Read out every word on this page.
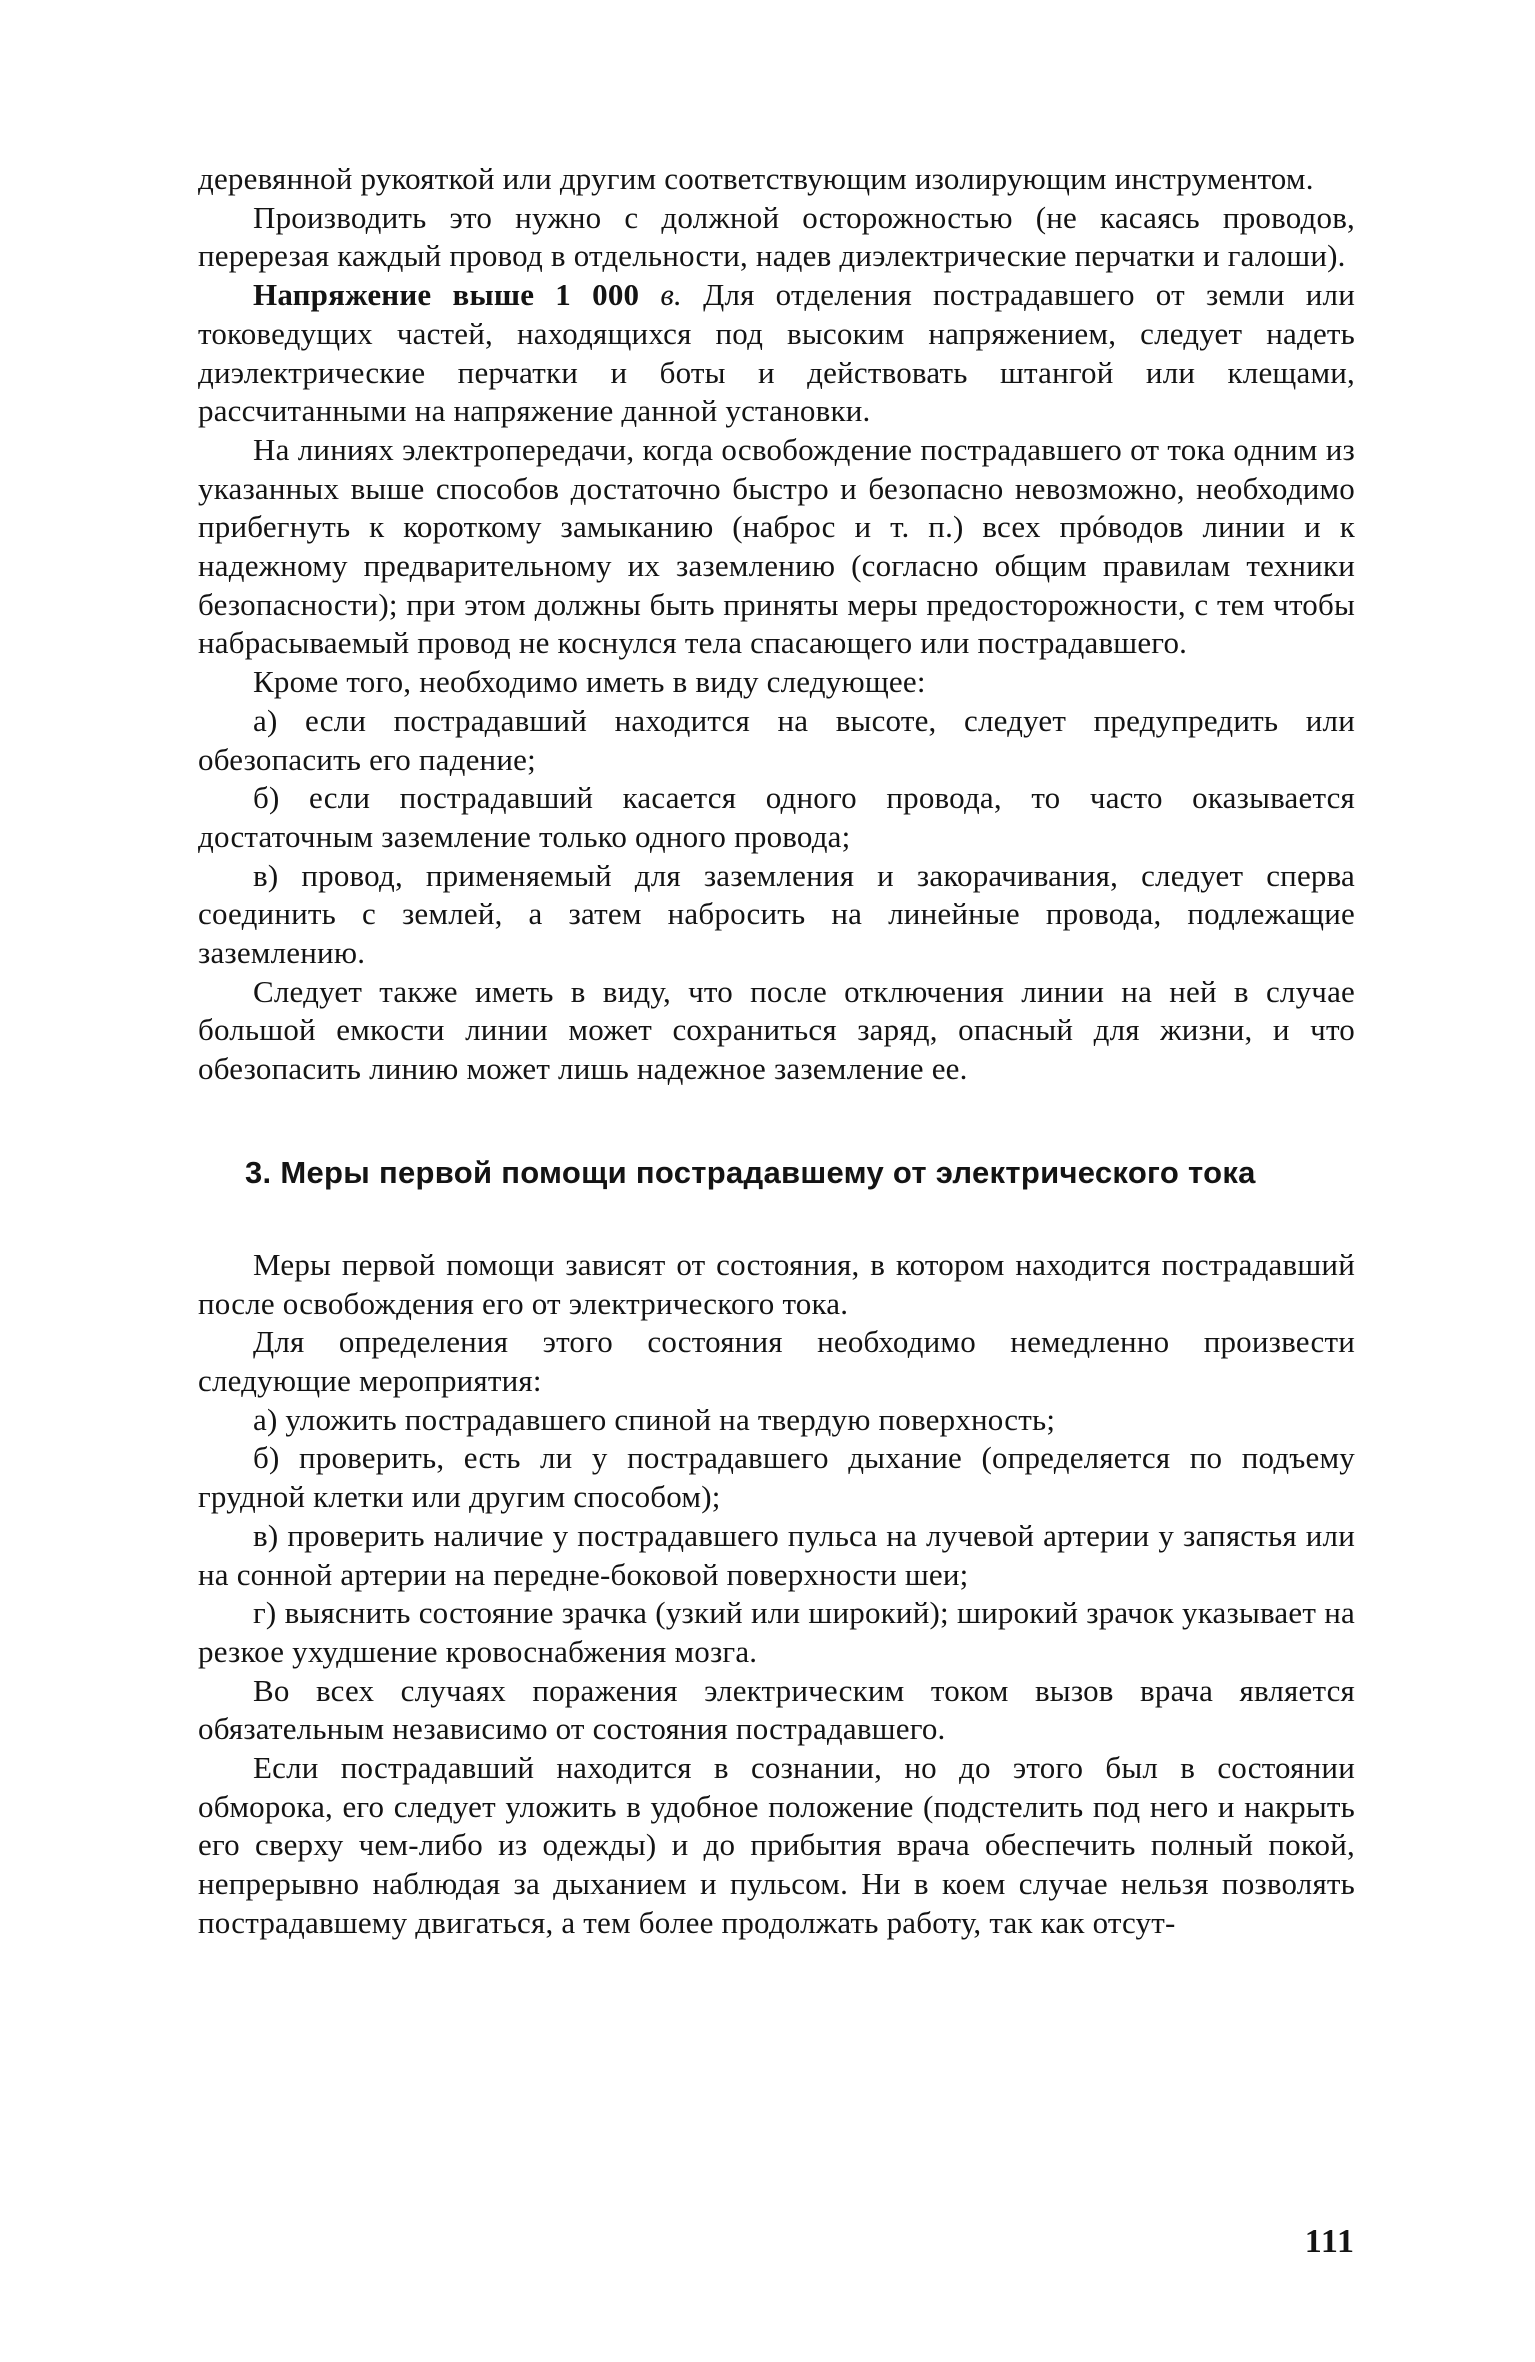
деревянной рукояткой или другим соответствующим изолирующим инструментом.

Производить это нужно с должной осторожностью (не касаясь проводов, перерезая каждый провод в отдельности, надев диэлектрические перчатки и галоши).

Напряжение выше 1 000 в. Для отделения пострадавшего от земли или токоведущих частей, находящихся под высоким напряжением, следует надеть диэлектрические перчатки и боты и действовать штангой или клещами, рассчитанными на напряжение данной установки.

На линиях электропередачи, когда освобождение пострадавшего от тока одним из указанных выше способов достаточно быстро и безопасно невозможно, необходимо прибегнуть к короткому замыканию (наброс и т. п.) всех прóводов линии и к надежному предварительному их заземлению (согласно общим правилам техники безопасности); при этом должны быть приняты меры предосторожности, с тем чтобы набрасываемый провод не коснулся тела спасающего или пострадавшего.

Кроме того, необходимо иметь в виду следующее:

а) если пострадавший находится на высоте, следует предупредить или обезопасить его падение;

б) если пострадавший касается одного провода, то часто оказывается достаточным заземление только одного провода;

в) провод, применяемый для заземления и закорачивания, следует сперва соединить с землей, а затем набросить на линейные провода, подлежащие заземлению.

Следует также иметь в виду, что после отключения линии на ней в случае большой емкости линии может сохраниться заряд, опасный для жизни, и что обезопасить линию может лишь надежное заземление ее.

3. Меры первой помощи пострадавшему от электрического тока

Меры первой помощи зависят от состояния, в котором находится пострадавший после освобождения его от электрического тока.

Для определения этого состояния необходимо немедленно произвести следующие мероприятия:

а) уложить пострадавшего спиной на твердую поверхность;

б) проверить, есть ли у пострадавшего дыхание (определяется по подъему грудной клетки или другим способом);

в) проверить наличие у пострадавшего пульса на лучевой артерии у запястья или на сонной артерии на передне-боковой поверхности шеи;

г) выяснить состояние зрачка (узкий или широкий); широкий зрачок указывает на резкое ухудшение кровоснабжения мозга.

Во всех случаях поражения электрическим током вызов врача является обязательным независимо от состояния пострадавшего.

Если пострадавший находится в сознании, но до этого был в состоянии обморока, его следует уложить в удобное положение (подстелить под него и накрыть его сверху чем-либо из одежды) и до прибытия врача обеспечить полный покой, непрерывно наблюдая за дыханием и пульсом. Ни в коем случае нельзя позволять пострадавшему двигаться, а тем более продолжать работу, так как отсут-

111
